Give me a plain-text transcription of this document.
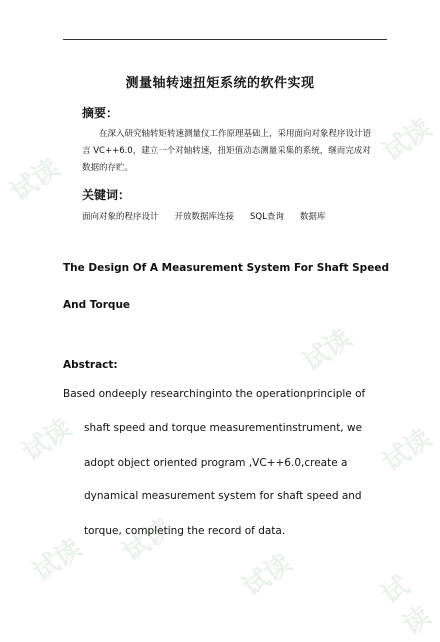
试读
试读
试读
试读	试读
试读
试读	试读
试读
测量轴转速扭矩系统的软件实现
摘要：
在深入研究轴转矩转速测量仪工作原理基础上，采用面向对象程序设计语
言 VC++6.0，建立一个对轴转速，扭矩值动态测量采集的系统，继而完成对
数据的存贮。
关键词：
面向对象的程序设计 开放数据库连接 SQL查询 数据库
The Design Of A Measurement System For Shaft Speed
And Torque
Abstract:
Based ondeeply researchinginto the operationprinciple of
shaft speed and torque measurementinstrument, we
adopt object oriented program ,VC++6.0,create a
dynamical measurement system for shaft speed and
torque, completing the record of data.
